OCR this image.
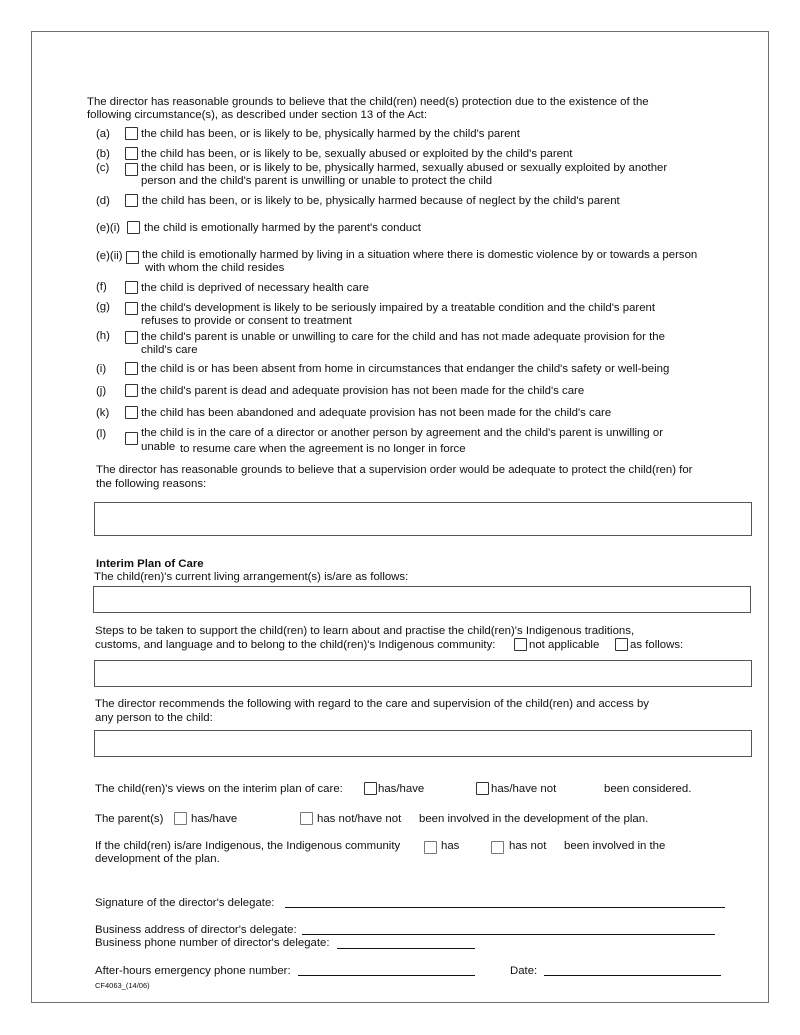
The director has reasonable grounds to believe that the child(ren) need(s) protection due to the existence of the
following circumstance(s), as described under section 13 of the Act:
(a)	the child has been, or is likely to be, physically harmed by the child's parent
(b)	the child has been, or is likely to be, sexually abused or exploited by the child's parent
(c)	the child has been, or is likely to be, physically harmed, sexually abused or sexually exploited by another
person and the child's parent is unwilling or unable to protect the child
(d)	the child has been, or is likely to be, physically harmed because of neglect by the child's parent
(e)(i) the child is emotionally harmed by the parent's conduct
(e)(ii) the child is emotionally harmed by living in a situation where there is domestic violence by or towards a person
with whom the child resides
(f)	the child is deprived of necessary health care
(g)	the child's development is likely to be seriously impaired by a treatable condition and the child's parent
refuses to provide or consent to treatment
(h)	the child's parent is unable or unwilling to care for the child and has not made adequate provision for the
child's care
(i)	the child is or has been absent from home in circumstances that endanger the child's safety or well-being
(j)	the child's parent is dead and adequate provision has not been made for the child's care
(k)	the child has been abandoned and adequate provision has not been made for the child's care
(l)	the child is in the care of a director or another person by agreement and the child's parent is unwilling or
unable to resume care when the agreement is no longer in force
The director has reasonable grounds to believe that a supervision order would be adequate to protect the child(ren) for
the following reasons:
Interim Plan of Care
The child(ren)'s current living arrangement(s) is/are as follows:
Steps to be taken to support the child(ren) to learn about and practise the child(ren)'s Indigenous traditions,
customs, and language and to belong to the child(ren)'s Indigenous community:	not applicable	as follows:
The director recommends the following with regard to the care and supervision of the child(ren) and access by
any person to the child:
The child(ren)'s views on the interim plan of care:	has/have	has/have not	been considered.
The parent(s) has/have	has not/have not been involved in the development of the plan.
If the child(ren) is/are Indigenous, the Indigenous community	has	has not been involved in the
development of the plan.
Signature of the director's delegate:
Business address of director's delegate:
Business phone number of director's delegate:
After-hours emergency phone number:	Date:
CF4063_(14/06)
